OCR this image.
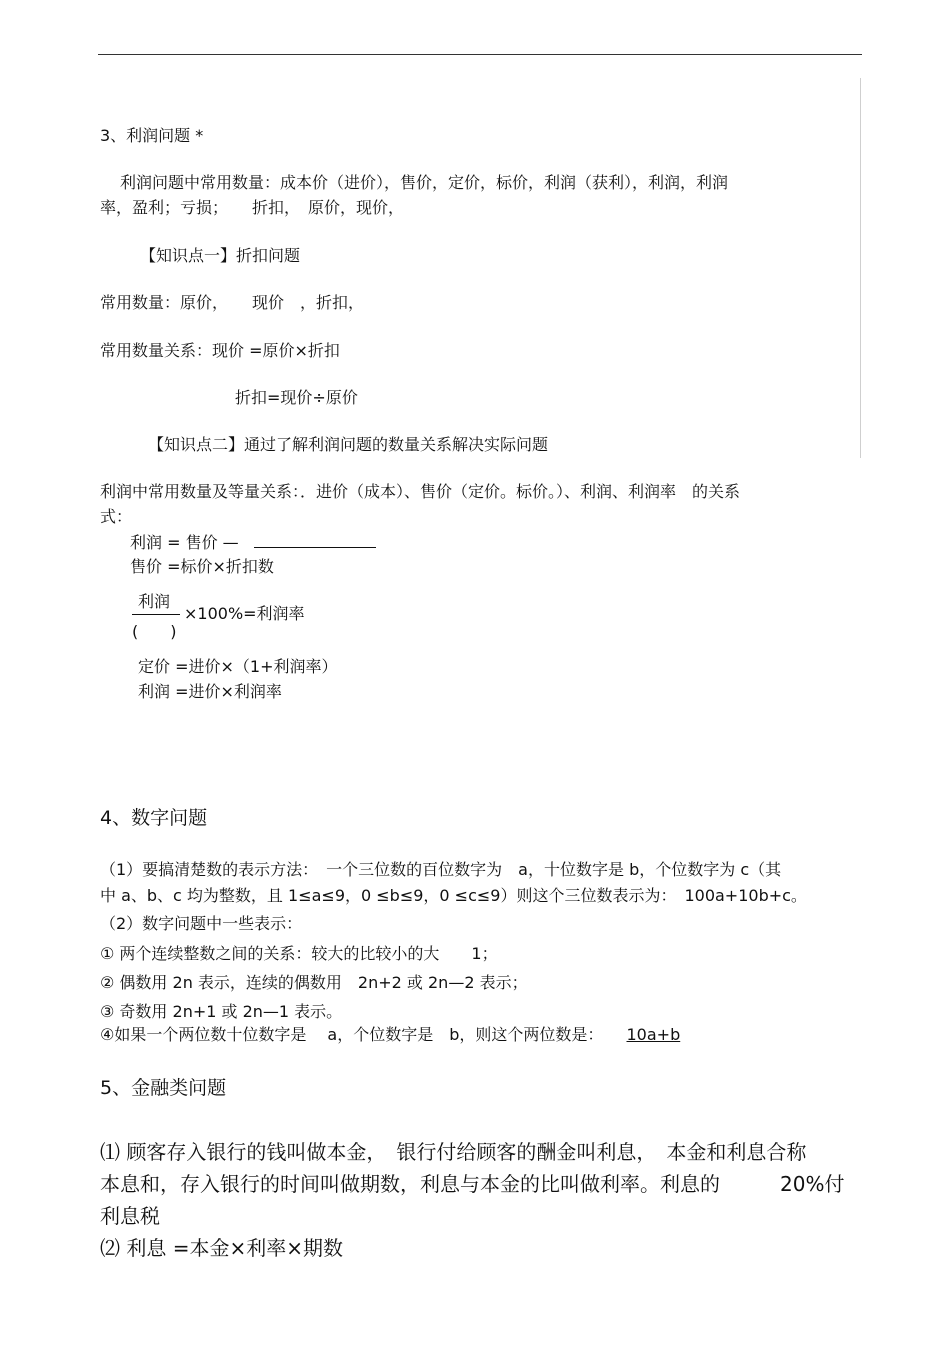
3、利润问题 *
利润问题中常用数量：成本价（进价），售价，定价，标价，利润（获利），利润，利润
率，盈利；亏损；　　折扣，　原价，现价，
【知识点一】折扣问题
常用数量：原价，　　现价　，折扣，
常用数量关系：现价 =原价×折扣
折扣=现价÷原价
【知识点二】通过了解利润问题的数量关系解决实际问题
利润中常用数量及等量关系：．进价（成本）、售价（定价。标价。）、利润、利润率　的关系
式：
利润 = 售价 —
售价 =标价×折扣数
利润
(　　)
×100%=利润率
定价 =进价×（1+利润率）
利润 =进价×利润率
4、数字问题
（1）要搞清楚数的表示方法：　一个三位数的百位数字为　a，十位数字是 b，个位数字为 c（其
中 a、b、c 均为整数，且 1≤a≤9，0 ≤b≤9，0 ≤c≤9）则这个三位数表示为：　100a+10b+c。
（2）数字问题中一些表示：
① 两个连续整数之间的关系：较大的比较小的大　　1；
② 偶数用 2n 表示，连续的偶数用　2n+2 或 2n—2 表示；
③ 奇数用 2n+1 或 2n—1 表示。
④如果一个两位数十位数字是　 a，个位数字是　b，则这个两位数是： 10a+b
5、金融类问题
⑴ 顾客存入银行的钱叫做本金，　银行付给顾客的酬金叫利息，　本金和利息合称
本息和，存入银行的时间叫做期数，利息与本金的比叫做利率。利息的　　　20%付
利息税
⑵ 利息 =本金×利率×期数
